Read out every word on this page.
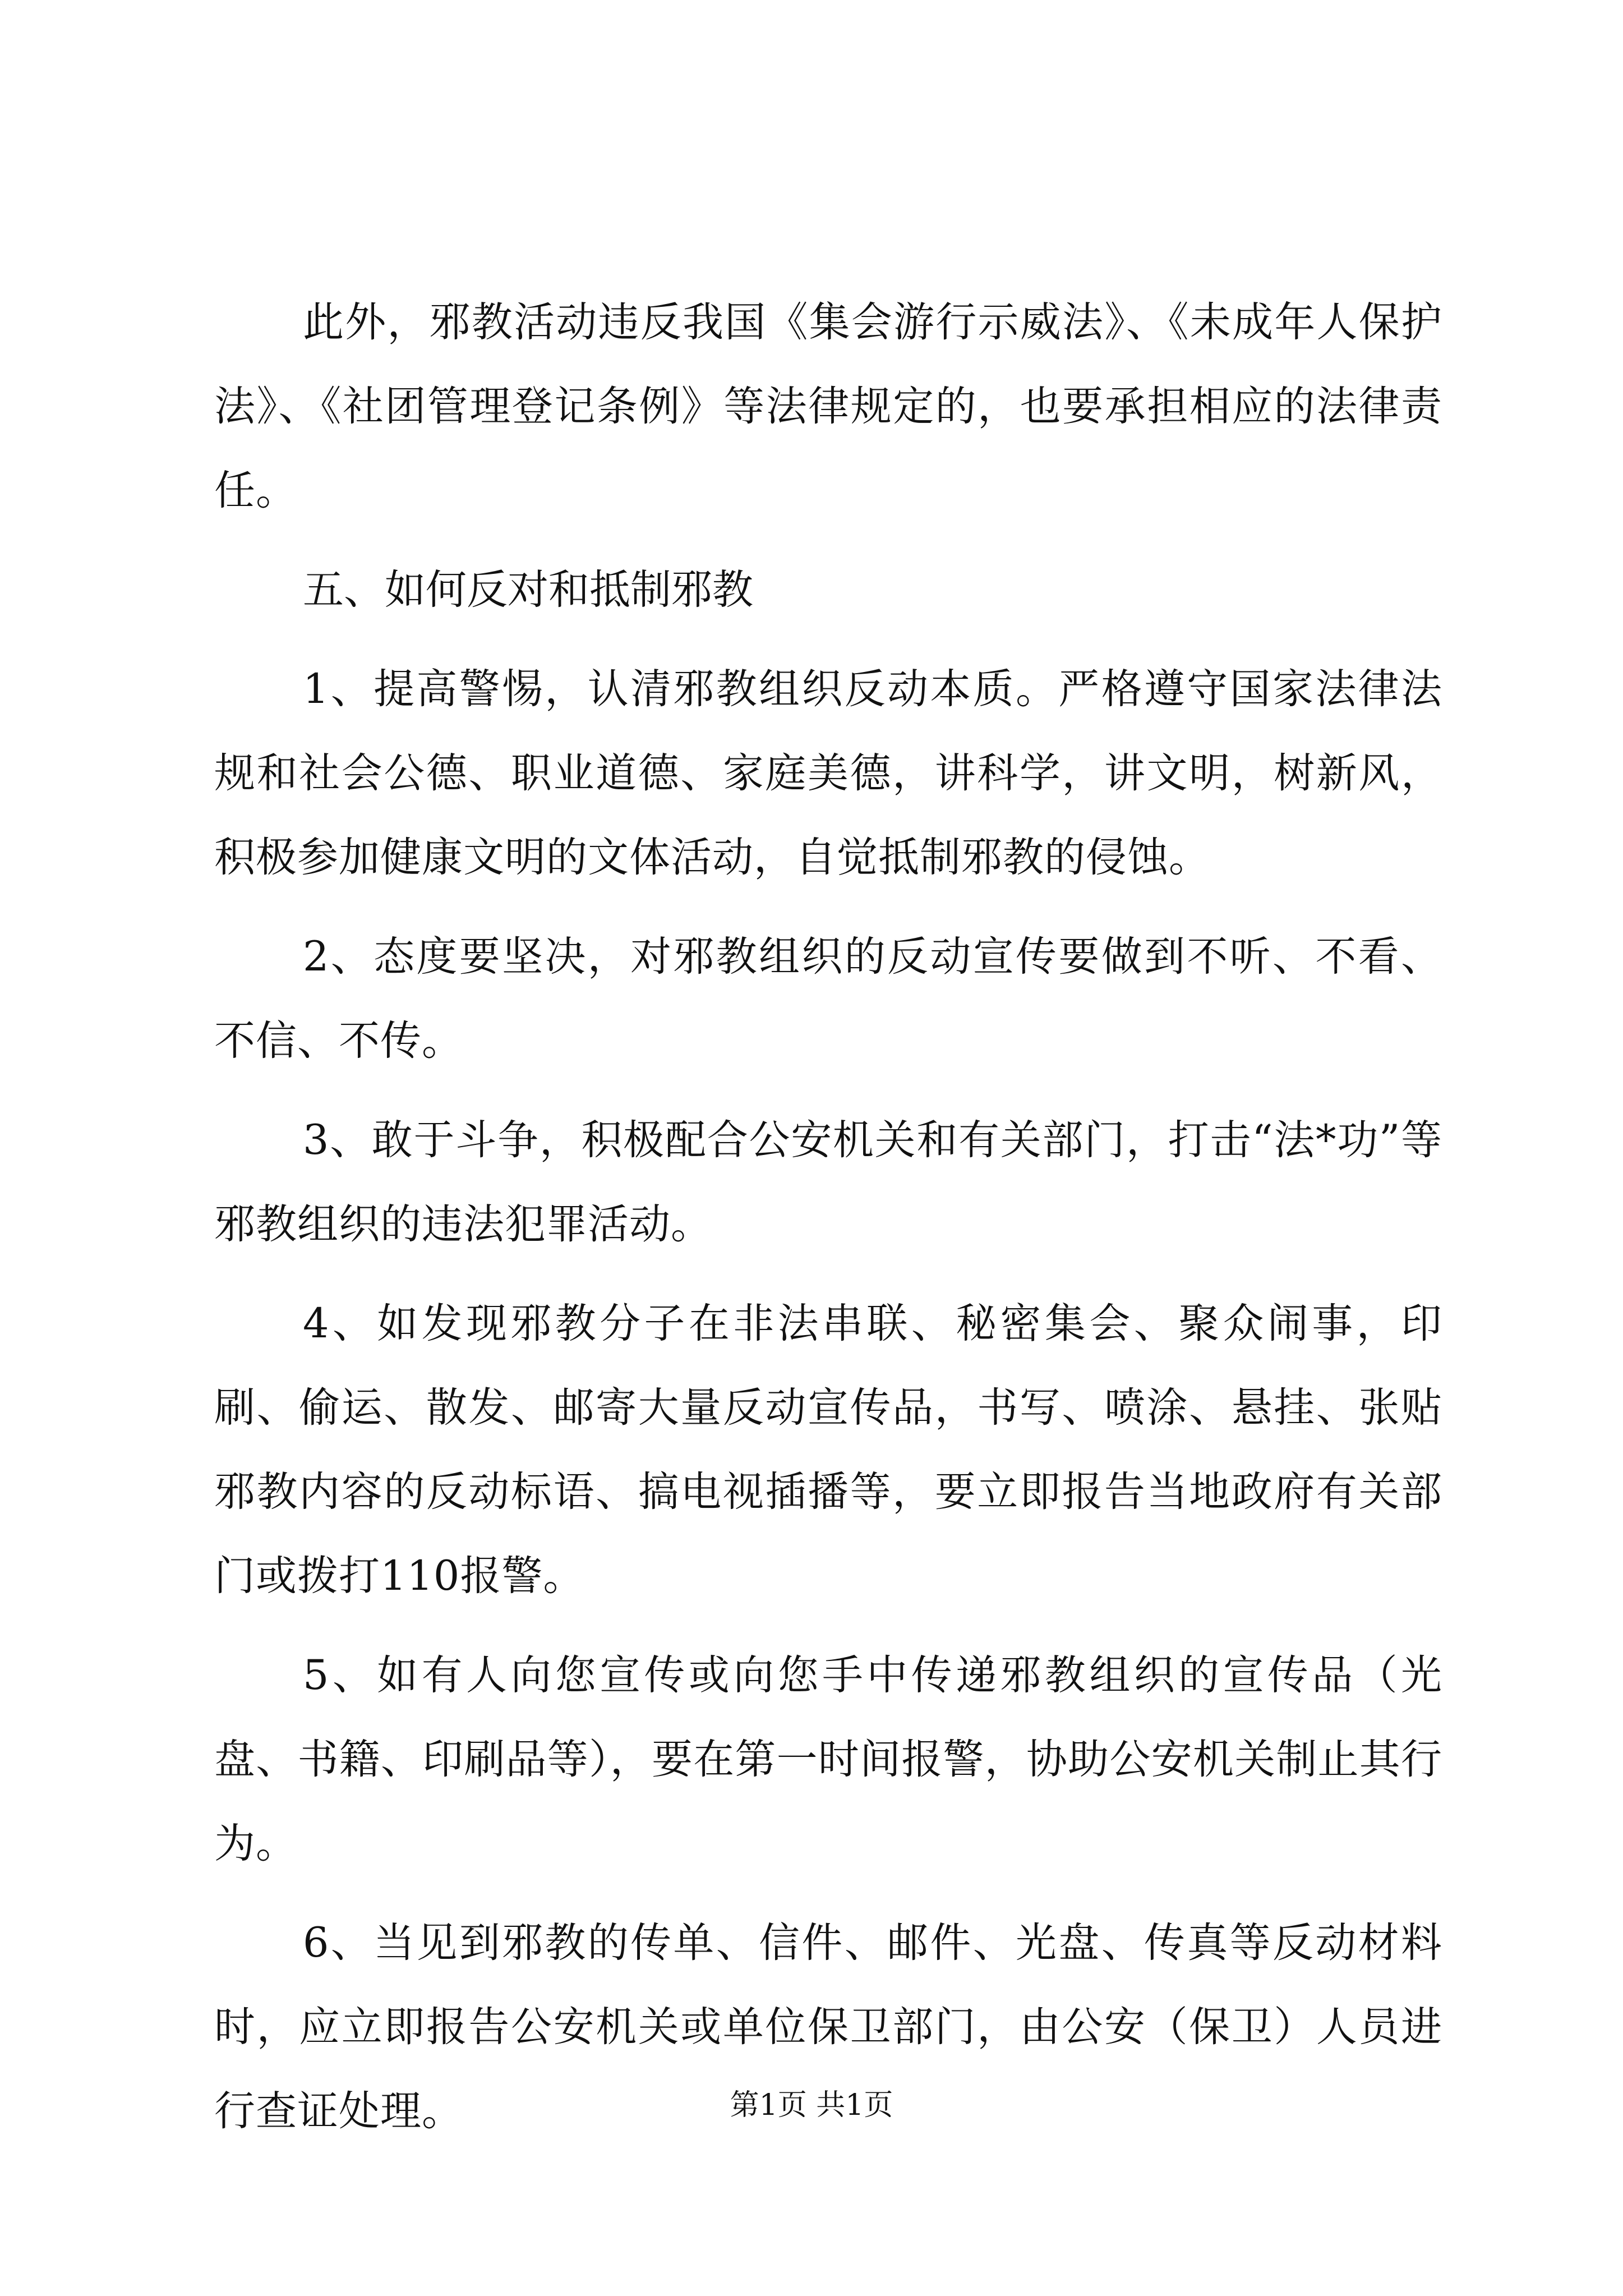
此外，邪教活动违反我国《集会游行示威法》、《未成年人保护法》、《社团管理登记条例》等法律规定的，也要承担相应的法律责任。

五、如何反对和抵制邪教

1、提高警惕，认清邪教组织反动本质。严格遵守国家法律法规和社会公德、职业道德、家庭美德，讲科学，讲文明，树新风，积极参加健康文明的文体活动，自觉抵制邪教的侵蚀。

2、态度要坚决，对邪教组织的反动宣传要做到不听、不看、不信、不传。

3、敢于斗争，积极配合公安机关和有关部门，打击“法*功”等邪教组织的违法犯罪活动。

4、如发现邪教分子在非法串联、秘密集会、聚众闹事，印刷、偷运、散发、邮寄大量反动宣传品，书写、喷涂、悬挂、张贴邪教内容的反动标语、搞电视插播等，要立即报告当地政府有关部门或拨打110报警。

5、如有人向您宣传或向您手中传递邪教组织的宣传品（光盘、书籍、印刷品等），要在第一时间报警，协助公安机关制止其行为。

6、当见到邪教的传单、信件、邮件、光盘、传真等反动材料时，应立即报告公安机关或单位保卫部门，由公安（保卫）人员进行查证处理。	第1页 共1页
